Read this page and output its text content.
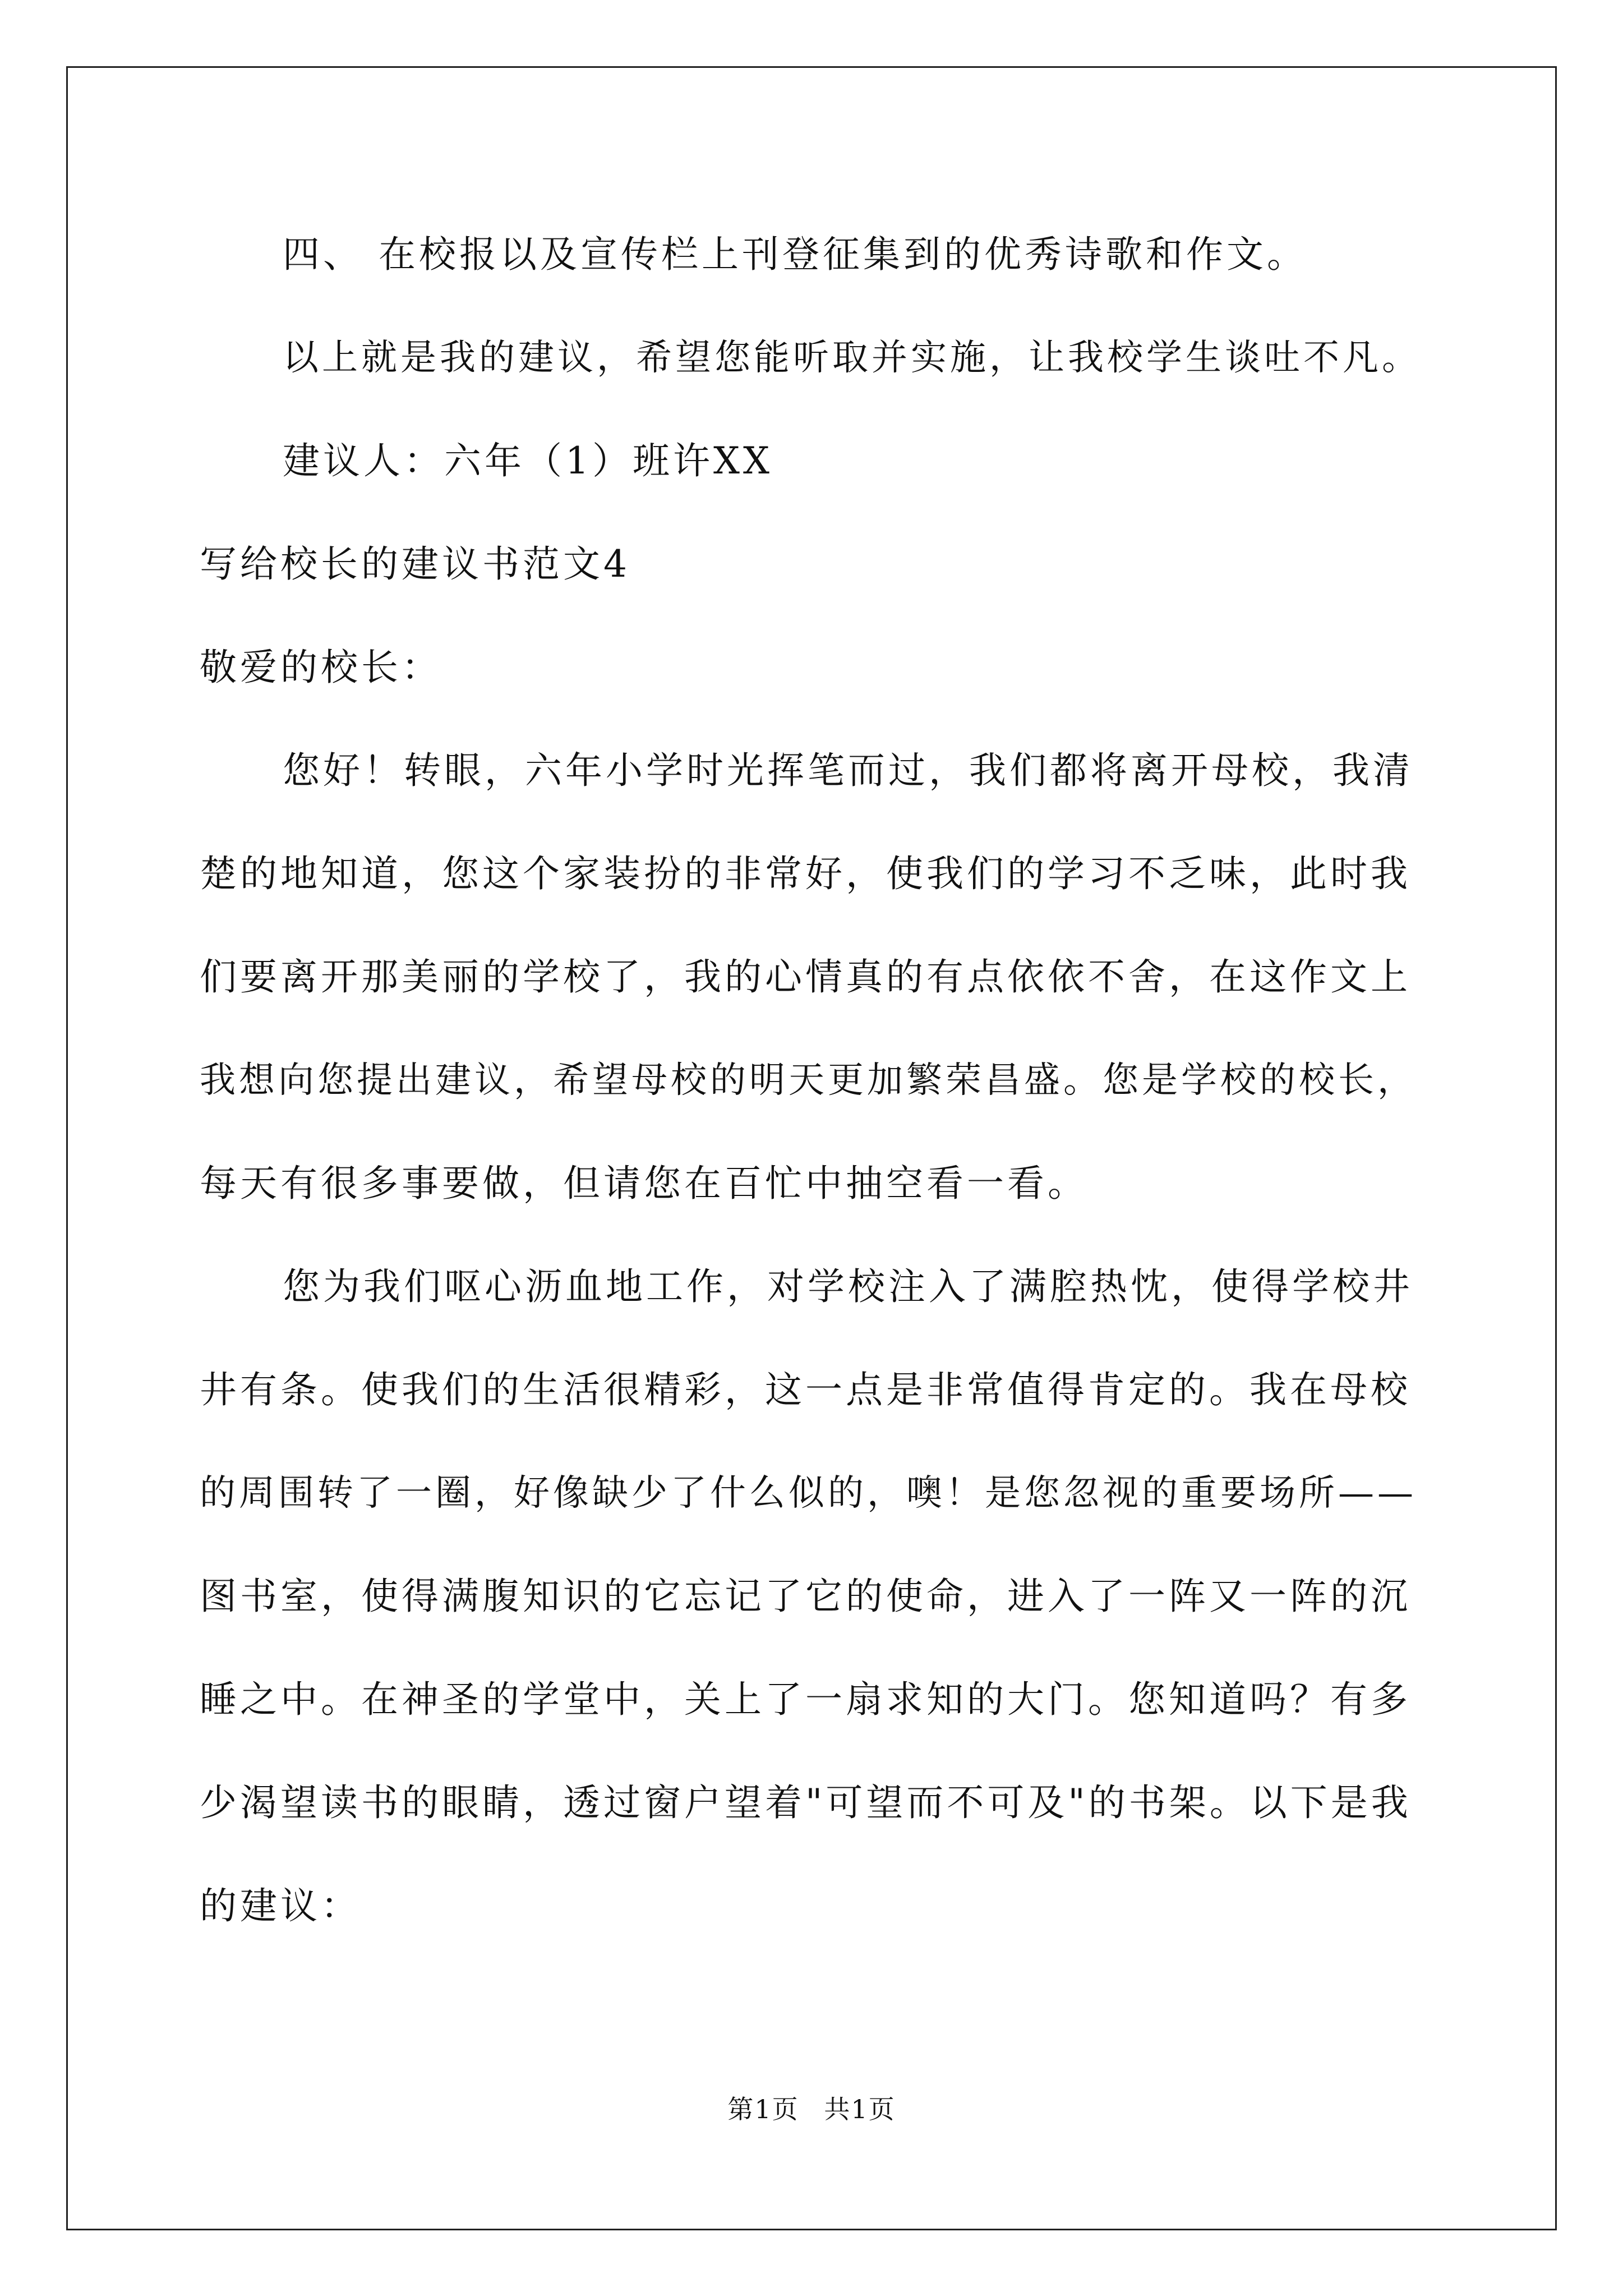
四、 在校报以及宣传栏上刊登征集到的优秀诗歌和作文。
以上就是我的建议，希望您能听取并实施，让我校学生谈吐不凡。
建议人：六年（1）班许XX
写给校长的建议书范文4
敬爱的校长：
您好！转眼，六年小学时光挥笔而过，我们都将离开母校，我清
楚的地知道，您这个家装扮的非常好，使我们的学习不乏味，此时我
们要离开那美丽的学校了，我的心情真的有点依依不舍，在这作文上
我想向您提出建议，希望母校的明天更加繁荣昌盛。您是学校的校长，
每天有很多事要做，但请您在百忙中抽空看一看。
您为我们呕心沥血地工作，对学校注入了满腔热忱，使得学校井
井有条。使我们的生活很精彩，这一点是非常值得肯定的。我在母校
的周围转了一圈，好像缺少了什么似的，噢！是您忽视的重要场所——
图书室，使得满腹知识的它忘记了它的使命，进入了一阵又一阵的沉
睡之中。在神圣的学堂中，关上了一扇求知的大门。您知道吗？有多
少渴望读书的眼睛，透过窗户望着"可望而不可及"的书架。以下是我
的建议：
第1页 共1页
